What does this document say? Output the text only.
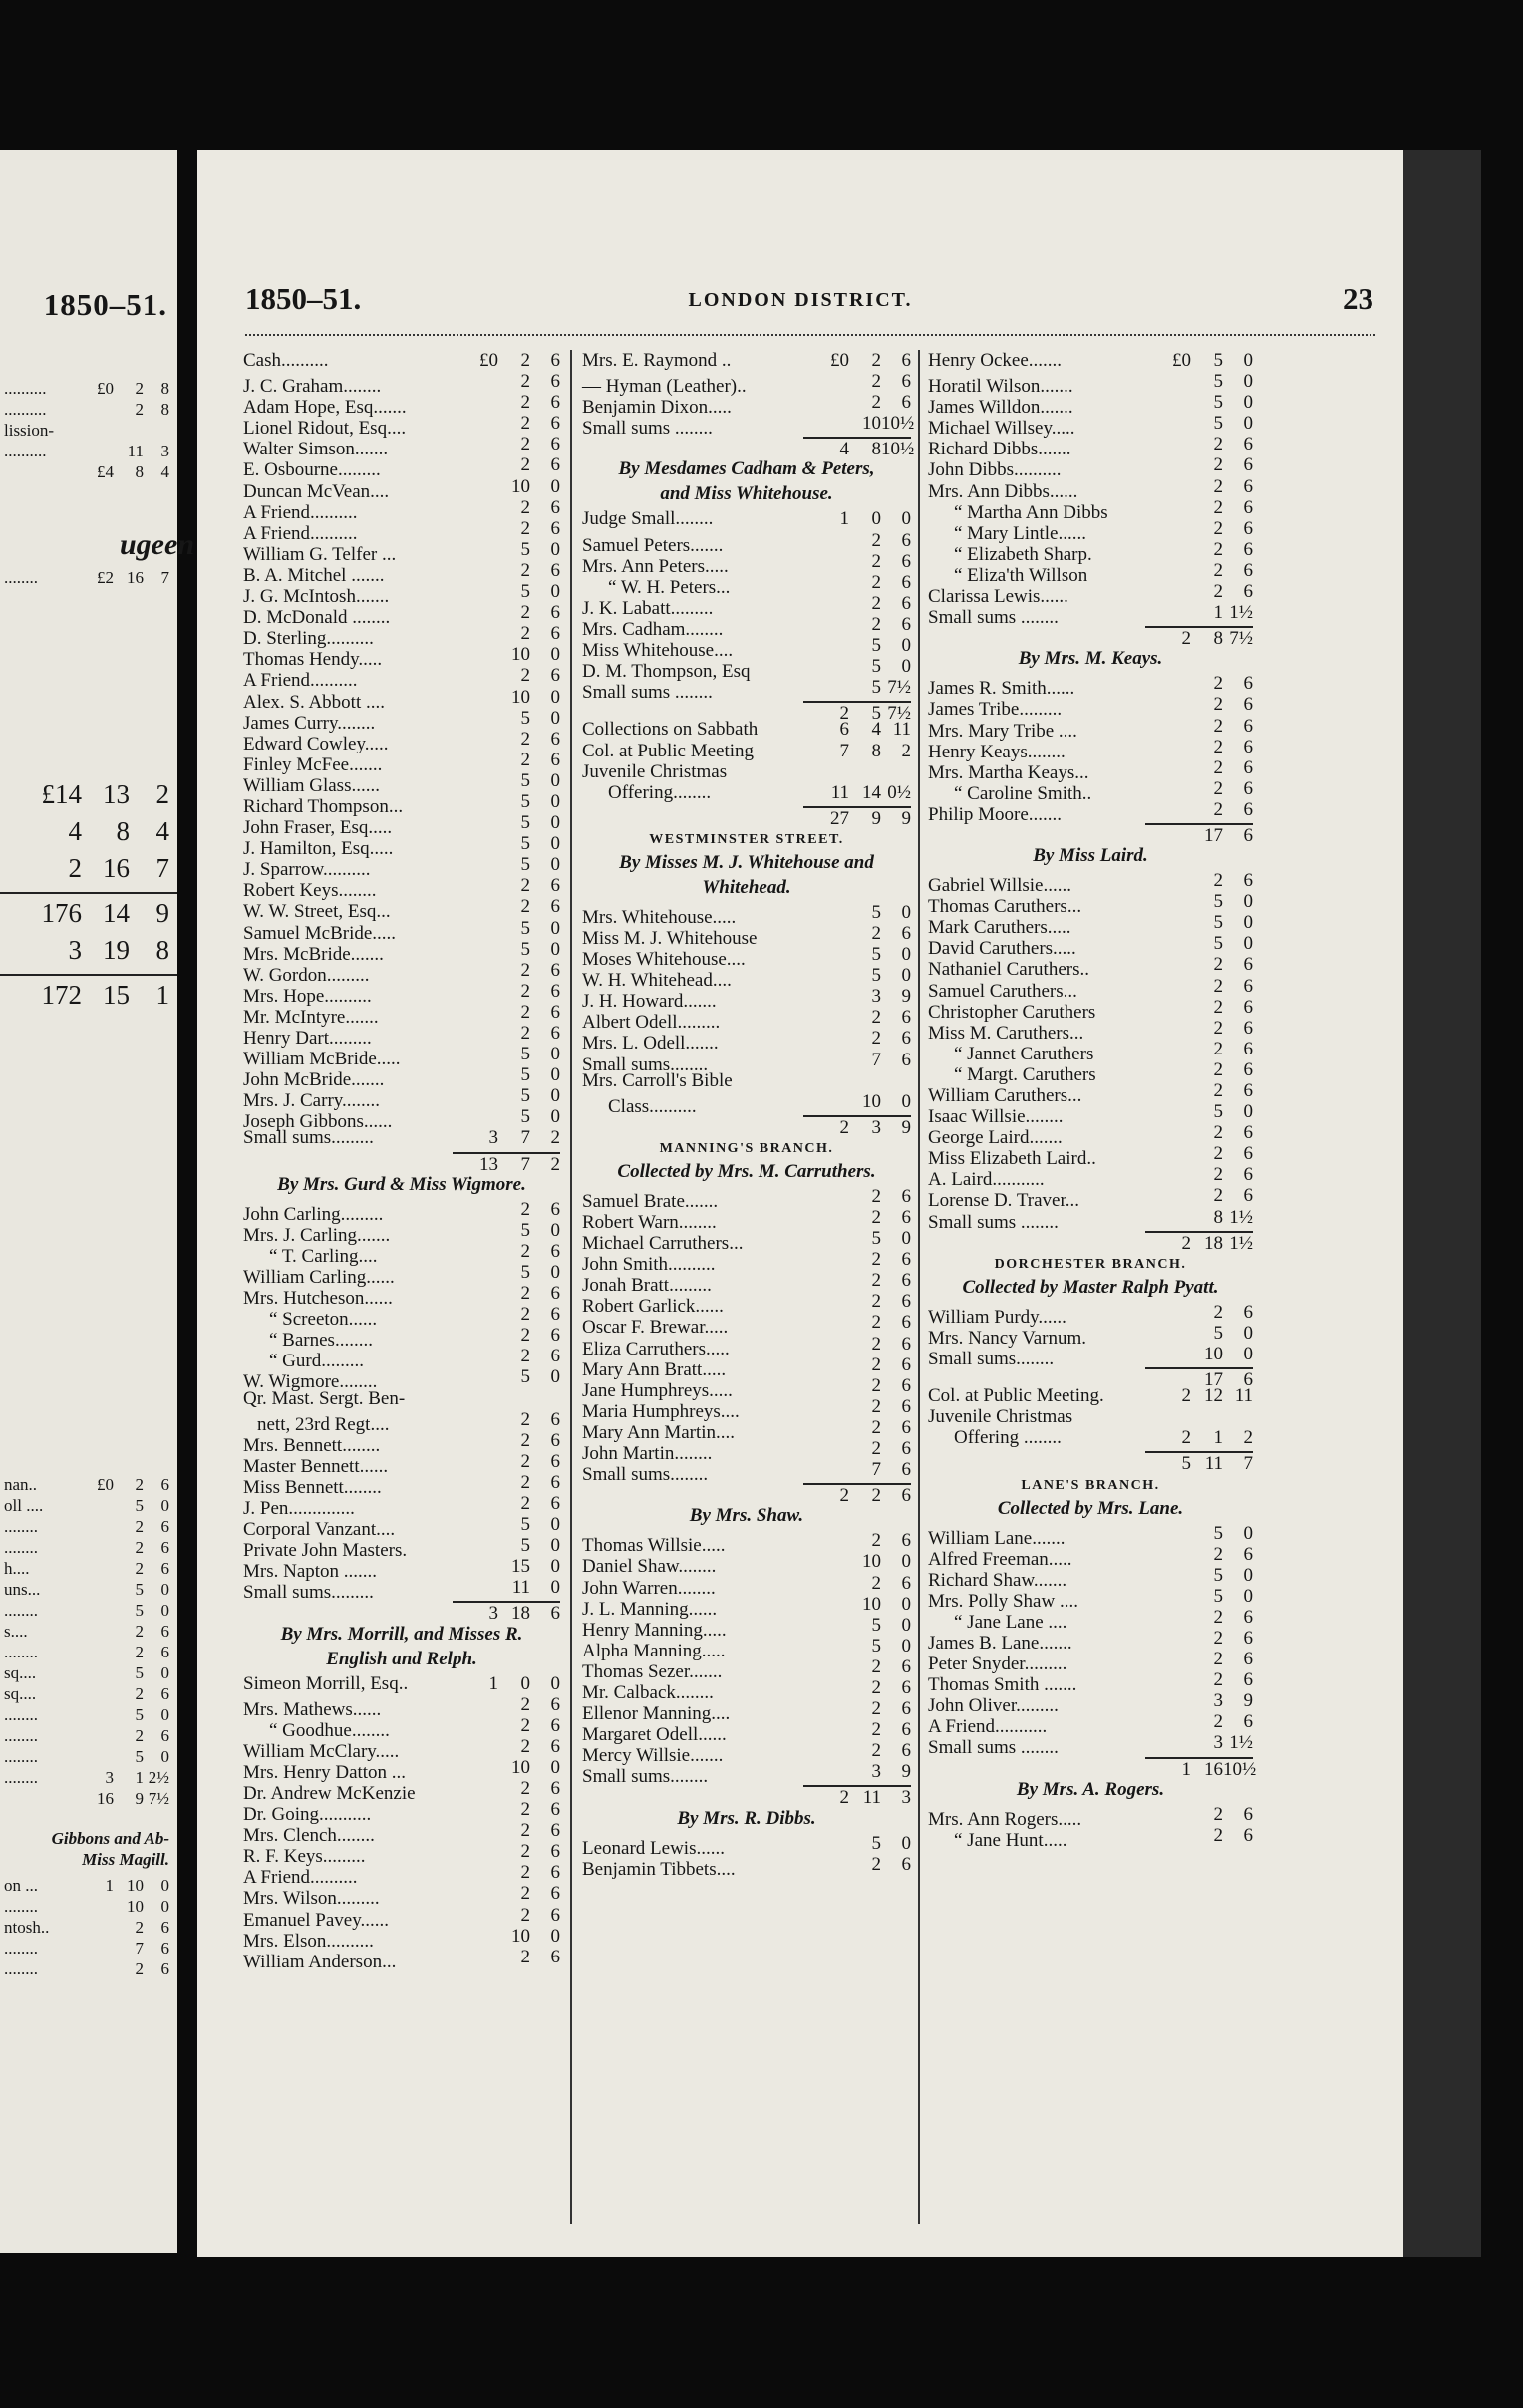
1850–51.
..........	£0	2	8
..........	2	8
lission-
..........	11	3
£4	8	4
ugeen
........	£2 16	7
£14 13 2
4	8 4
2 16 7
176 14 9
3 19 8
172 15 1
nan..	£0	2	6
oll ....	5	0
........	2	6
........	2	6
h....	2	6
uns...	5	0
........	5	0
s....	2	6
........	2	6
sq....	5	0
sq....	2	6
........	5	0
........	2	6
........	5	0
........	3	1 2½
16	9 7½
Gibbons and Ab-
Miss Magill.
on ...	1 10	0
........	10	0
ntosh..	2	6
........	7	6
........	2	6
1850–51.	LONDON DISTRICT.	23
Cash..........	£0	2	6
J. C. Graham........	2	6
Adam Hope, Esq.......	2	6
Lionel Ridout, Esq....	2	6
Walter Simson.......	2	6
E. Osbourne.........	2	6
Duncan McVean....	10	0
A Friend..........	2	6
A Friend..........	2	6
William G. Telfer ...	5	0
B. A. Mitchel .......	2	6
J. G. McIntosh.......	5	0
D. McDonald ........	2	6
D. Sterling..........	2	6
Thomas Hendy.....	10	0
A Friend..........	2	6
Alex. S. Abbott ....	10	0
James Curry........	5	0
Edward Cowley.....	2	6
Finley McFee.......	2	6
William Glass......	5	0
Richard Thompson...	5	0
John Fraser, Esq.....	5	0
J. Hamilton, Esq.....	5	0
J. Sparrow..........	5	0
Robert Keys........	2	6
W. W. Street, Esq...	2	6
Samuel McBride.....	5	0
Mrs. McBride.......	5	0
W. Gordon.........	2	6
Mrs. Hope..........	2	6
Mr. McIntyre.......	2	6
Henry Dart.........	2	6
William McBride.....	5	0
John McBride.......	5	0
Mrs. J. Carry........	5	0
Joseph Gibbons......	5	0
Small sums.........	3	7	2
13	7	2
By Mrs. Gurd & Miss Wigmore.
John Carling.........	2	6
Mrs. J. Carling.......	5	0
“ T. Carling....	2	6
William Carling......	5	0
Mrs. Hutcheson......	2	6
“ Screeton......	2	6
“ Barnes........	2	6
“ Gurd.........	2	6
W. Wigmore........	5	0
Qr. Mast. Sergt. Ben-
nett, 23rd Regt....	2	6
Mrs. Bennett........	2	6
Master Bennett......	2	6
Miss Bennett........	2	6
J. Pen..............	2	6
Corporal Vanzant....	5	0
Private John Masters.	5	0
Mrs. Napton .......	15	0
Small sums.........	11	0
3 18	6
By Mrs. Morrill, and Misses R.
English and Relph.
Simeon Morrill, Esq..	1	0	0
Mrs. Mathews......	2	6
“ Goodhue........	2	6
William McClary.....	2	6
Mrs. Henry Datton ...	10	0
Dr. Andrew McKenzie	2	6
Dr. Going...........	2	6
Mrs. Clench........	2	6
R. F. Keys.........	2	6
A Friend..........	2	6
Mrs. Wilson.........	2	6
Emanuel Pavey......	2	6
Mrs. Elson..........	10	0
William Anderson...	2	6
Mrs. E. Raymond ..	£0	2	6
— Hyman (Leather)..	2	6
Benjamin Dixon.....	2	6
Small sums ........	10 10½
4	8 10½
By Mesdames Cadham & Peters,
and Miss Whitehouse.
Judge Small........	1	0	0
Samuel Peters.......	2	6
Mrs. Ann Peters.....	2	6
“ W. H. Peters...	2	6
J. K. Labatt.........	2	6
Mrs. Cadham........	2	6
Miss Whitehouse....	5	0
D. M. Thompson, Esq	5	0
Small sums ........	5 7½
2	5 7½
Collections on Sabbath	6	4 11
Col. at Public Meeting	7	8	2
Juvenile Christmas
Offering........	11 14 0½
27	9	9
WESTMINSTER STREET.
By Misses M. J. Whitehouse and
Whitehead.
Mrs. Whitehouse.....	5	0
Miss M. J. Whitehouse	2	6
Moses Whitehouse....	5	0
W. H. Whitehead....	5	0
J. H. Howard.......	3	9
Albert Odell.........	2	6
Mrs. L. Odell.......	2	6
Small sums........	7	6
Mrs. Carroll's Bible
Class..........	10	0
2	3	9
MANNING'S BRANCH.
Collected by Mrs. M. Carruthers.
Samuel Brate.......	2	6
Robert Warn........	2	6
Michael Carruthers...	5	0
John Smith..........	2	6
Jonah Bratt.........	2	6
Robert Garlick......	2	6
Oscar F. Brewar.....	2	6
Eliza Carruthers.....	2	6
Mary Ann Bratt.....	2	6
Jane Humphreys.....	2	6
Maria Humphreys....	2	6
Mary Ann Martin....	2	6
John Martin........	2	6
Small sums........	7	6
2	2	6
By Mrs. Shaw.
Thomas Willsie.....	2	6
Daniel Shaw........	10	0
John Warren........	2	6
J. L. Manning......	10	0
Henry Manning.....	5	0
Alpha Manning.....	5	0
Thomas Sezer.......	2	6
Mr. Calback........	2	6
Ellenor Manning....	2	6
Margaret Odell......	2	6
Mercy Willsie.......	2	6
Small sums........	3	9
2 11	3
By Mrs. R. Dibbs.
Leonard Lewis......	5	0
Benjamin Tibbets....	2	6
Henry Ockee.......	£0	5	0
Horatil Wilson.......	5	0
James Willdon.......	5	0
Michael Willsey.....	5	0
Richard Dibbs.......	2	6
John Dibbs..........	2	6
Mrs. Ann Dibbs......	2	6
“ Martha Ann Dibbs	2	6
“ Mary Lintle......	2	6
“ Elizabeth Sharp.	2	6
“ Eliza'th Willson	2	6
Clarissa Lewis......	2	6
Small sums ........	1 1½
2	8 7½
By Mrs. M. Keays.
James R. Smith......	2	6
James Tribe.........	2	6
Mrs. Mary Tribe ....	2	6
Henry Keays........	2	6
Mrs. Martha Keays...	2	6
“ Caroline Smith..	2	6
Philip Moore.......	2	6
17	6
By Miss Laird.
Gabriel Willsie......	2	6
Thomas Caruthers...	5	0
Mark Caruthers.....	5	0
David Caruthers.....	5	0
Nathaniel Caruthers..	2	6
Samuel Caruthers...	2	6
Christopher Caruthers	2	6
Miss M. Caruthers...	2	6
“ Jannet Caruthers	2	6
“ Margt. Caruthers	2	6
William Caruthers...	2	6
Isaac Willsie........	5	0
George Laird.......	2	6
Miss Elizabeth Laird..	2	6
A. Laird...........	2	6
Lorense D. Traver...	2	6
Small sums ........	8 1½
2 18 1½
DORCHESTER BRANCH.
Collected by Master Ralph Pyatt.
William Purdy......	2	6
Mrs. Nancy Varnum.	5	0
Small sums........	10	0
17	6
Col. at Public Meeting.	2 12 11
Juvenile Christmas
Offering ........	2	1	2
5 11	7
LANE'S BRANCH.
Collected by Mrs. Lane.
William Lane.......	5	0
Alfred Freeman.....	2	6
Richard Shaw.......	5	0
Mrs. Polly Shaw ....	5	0
“ Jane Lane ....	2	6
James B. Lane.......	2	6
Peter Snyder.........	2	6
Thomas Smith .......	2	6
John Oliver.........	3	9
A Friend...........	2	6
Small sums ........	3 1½
1 16 10½
By Mrs. A. Rogers.
Mrs. Ann Rogers.....	2	6
“ Jane Hunt.....	2	6
